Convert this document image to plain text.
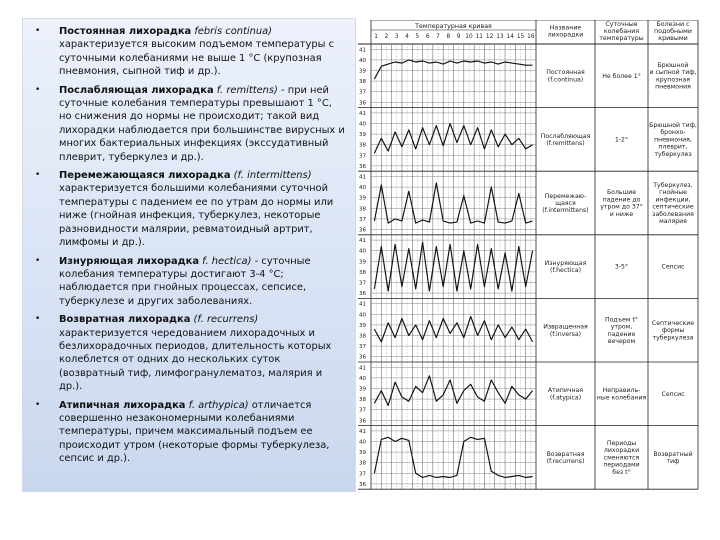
• Постоянная лихорадка febris continua) характеризуется высоким подъемом температуры с суточными колебаниями не выше 1 °С (крупозная пневмония, сыпной тиф и др.).
• Послабляющая лихорадка f. remittens) - при ней суточные колебания температуры превышают 1 °С, но снижения до нормы не происходит; такой вид лихорадки наблюдается при большинстве вирусных и многих бактериальных инфекциях (экссудативный плеврит, туберкулез и др.).
• Перемежающаяся лихорадка (f. intermittens) характеризуется большими колебаниями суточной температуры с падением ее по утрам до нормы или ниже (гнойная инфекция, туберкулез, некоторые разновидности малярии, ревматоидный артрит, лимфомы и др.).
• Изнуряющая лихорадка f. hectica) - суточные колебания температуры достигают 3-4 °С; наблюдается при гнойных процессах, сепсисе, туберкулезе и других заболеваниях.
• Возвратная лихорадка (f. recurrens) характеризуется чередованием лихорадочных и безлихорадочных периодов, длительность которых колеблется от одних до нескольких суток (возвратный тиф, лимфогранулематоз, малярия и др.).
• Атипичная лихорадка f. arthypica) отличается совершенно незакономерными колебаниями температуры, причем максимальный подъем ее происходит утром (некоторые формы туберкулеза, сепсис и др.).
Температурная кривая	Название
лихорадки
Суточные
колебания
температуры
Болезни с
подобными
кривыми
1 2 3 4 5 6 7 8 9 10 11 12 13 14 15 16
41
40
39
38
37
36
Постоянная
(f.continua)
Не более 1°
Брюшной
и сыпной тиф,
крупозная
пневмония
41
40
39
38
37
36
Послабляющая
(f.remittens)
1-2°
Брюшной тиф,
бронхо-
пневмония,
плеврит,
туберкулез
41
40
39
38
37
36
Перемежаю-
щаяся
(f.intermittens)
Большие
падение до
утром до 37°
и ниже
Туберкулез,
гнойные
инфекции,
септические
заболевания
малярия
41
40
39
38
37
36
Изнуряющая
(f.hectica)
3-5°	Сепсис
41
40
39
38
37
36
Извращенная
(f.inversa)
Подъем t°
утром,
падение
вечером
Септические
формы
туберкулеза
41
40
39
38
37
36
Атипичная
(f.atypica)
Неправиль-
ные колебания
Сепсис
41
40
39
38
37
36
Возвратная
(f.recurrens)
Периоды
лихорадки
сменяются
периодами
без t°
Возвратный
тиф
